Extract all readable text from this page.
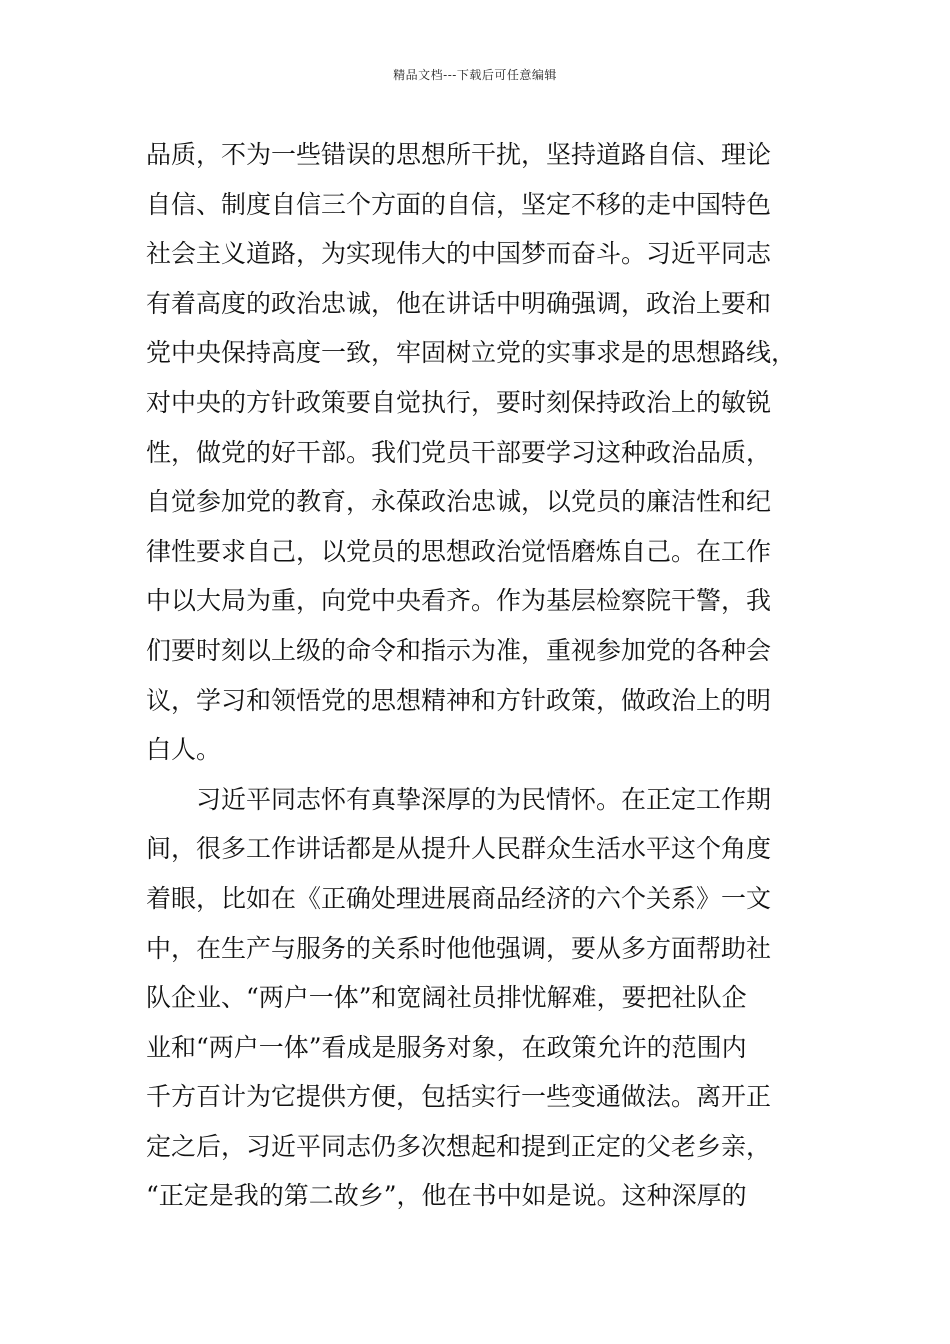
精品文档---下载后可任意编辑
品质，不为一些错误的思想所干扰，坚持道路自信、理论
自信、制度自信三个方面的自信，坚定不移的走中国特色
社会主义道路，为实现伟大的中国梦而奋斗。习近平同志
有着高度的政治忠诚，他在讲话中明确强调，政治上要和
党中央保持高度一致，牢固树立党的实事求是的思想路线，
对中央的方针政策要自觉执行，要时刻保持政治上的敏锐
性，做党的好干部。我们党员干部要学习这种政治品质，
自觉参加党的教育，永葆政治忠诚，以党员的廉洁性和纪
律性要求自己，以党员的思想政治觉悟磨炼自己。在工作
中以大局为重，向党中央看齐。作为基层检察院干警，我
们要时刻以上级的命令和指示为准，重视参加党的各种会
议，学习和领悟党的思想精神和方针政策，做政治上的明
白人。
习近平同志怀有真挚深厚的为民情怀。在正定工作期
间，很多工作讲话都是从提升人民群众生活水平这个角度
着眼，比如在《正确处理进展商品经济的六个关系》一文
中，在生产与服务的关系时他他强调，要从多方面帮助社
队企业、“两户一体”和宽阔社员排忧解难，要把社队企
业和“两户一体”看成是服务对象，在政策允许的范围内
千方百计为它提供方便，包括实行一些变通做法。离开正
定之后，习近平同志仍多次想起和提到正定的父老乡亲，
“正定是我的第二故乡”，他在书中如是说。这种深厚的
